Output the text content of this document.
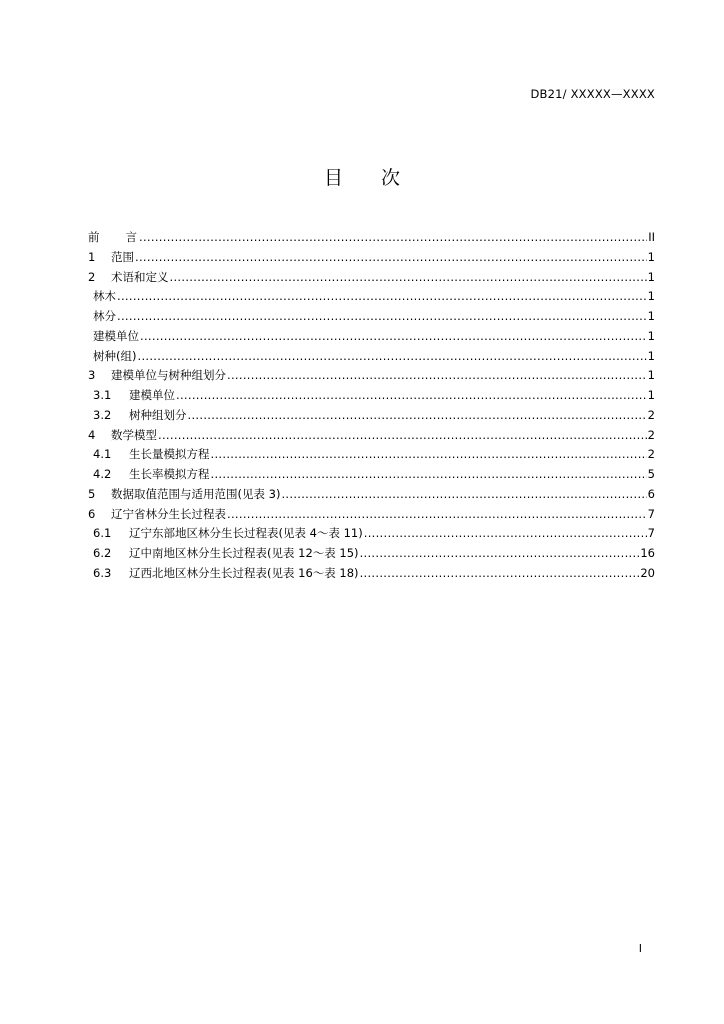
DB21/ XXXXX—XXXX
目次
前言 .....	II
1	范围 .....	1
2	术语和定义 .....	1
林木 .....	1
林分 .....	1
建模单位 .....	1
树种(组) .....	1
3	建模单位与树种组划分 .....	1
3.1	建模单位 .....	1
3.2	树种组划分 .....	2
4	数学模型 .....	2
4.1	生长量模拟方程 .....	2
4.2	生长率模拟方程 .....	5
5	数据取值范围与适用范围(见表 3) .....	6
6	辽宁省林分生长过程表 .....	7
6.1	辽宁东部地区林分生长过程表(见表 4～表 11) .....	7
6.2	辽中南地区林分生长过程表(见表 12～表 15) .....	16
6.3	辽西北地区林分生长过程表(见表 16～表 18) .....	20
I
